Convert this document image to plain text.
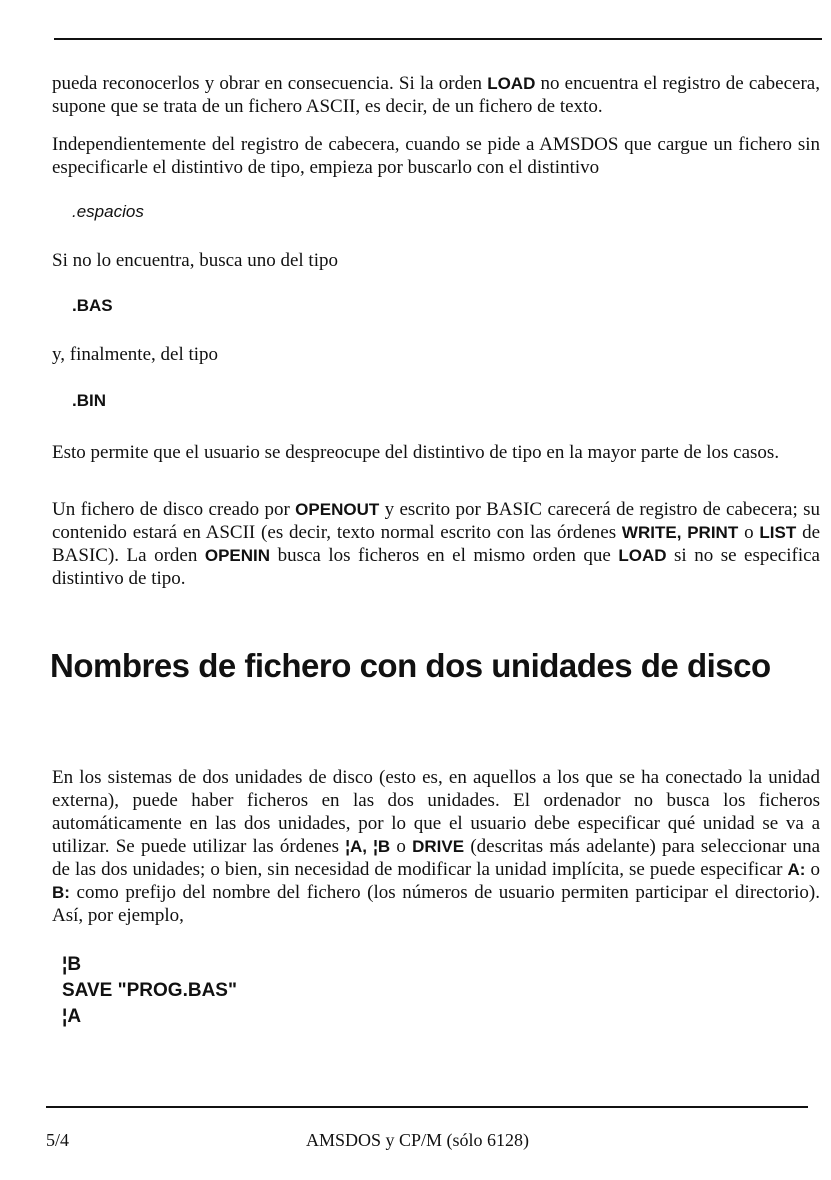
pueda reconocerlos y obrar en consecuencia. Si la orden LOAD no encuentra el registro de cabecera, supone que se trata de un fichero ASCII, es decir, de un fichero de texto.

Independientemente del registro de cabecera, cuando se pide a AMSDOS que cargue un fichero sin especificarle el distintivo de tipo, empieza por buscarlo con el distintivo

.espacios

Si no lo encuentra, busca uno del tipo

.BAS

y, finalmente, del tipo

.BIN

Esto permite que el usuario se despreocupe del distintivo de tipo en la mayor parte de los casos.

Un fichero de disco creado por OPENOUT y escrito por BASIC carecerá de registro de cabecera; su contenido estará en ASCII (es decir, texto normal escrito con las órdenes WRITE, PRINT o LIST de BASIC). La orden OPENIN busca los ficheros en el mismo orden que LOAD si no se especifica distintivo de tipo.

Nombres de fichero con dos unidades de disco

En los sistemas de dos unidades de disco (esto es, en aquellos a los que se ha conectado la unidad externa), puede haber ficheros en las dos unidades. El ordenador no busca los ficheros automáticamente en las dos unidades, por lo que el usuario debe especificar qué unidad se va a utilizar. Se puede utilizar las órdenes ¦A, ¦B o DRIVE (descritas más adelante) para seleccionar una de las dos unidades; o bien, sin necesidad de modificar la unidad implícita, se puede especificar A: o B: como prefijo del nombre del fichero (los números de usuario permiten participar el directorio). Así, por ejemplo,

¦B
SAVE "PROG.BAS"
¦A
5/4	AMSDOS y CP/M (sólo 6128)
